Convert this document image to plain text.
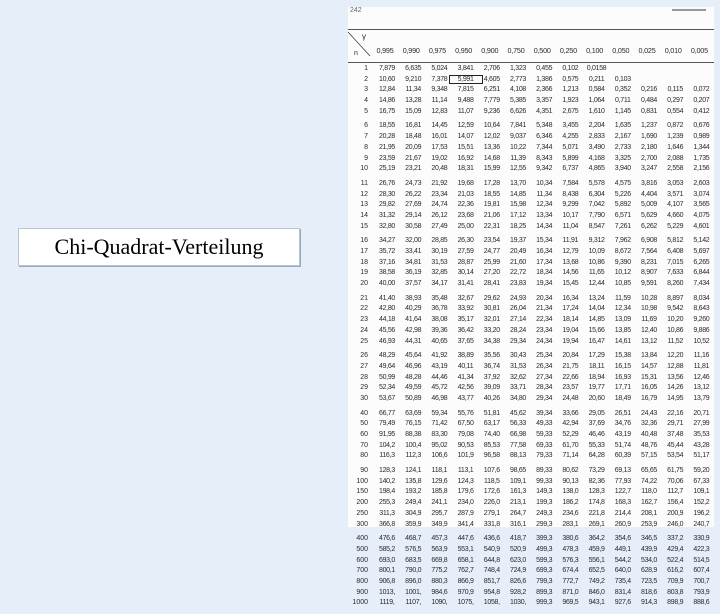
Chi-Quadrat-Verteilung
242
γ
n	0,995	0,990	0,975	0,950	0,900	0,750	0,500	0,250	0,100	0,050	0,025	0,010	0,005
1	7,879	6,635	5,024	3,841	2,706	1,323	0,455	0,102	0,0158
2	10,60	9,210	7,378	5,991	4,605	2,773	1,386	0,575	0,211	0,103
3	12,84	11,34	9,348	7,815	6,251	4,108	2,366	1,213	0,584	0,352	0,216	0,115	0,072
4	14,86	13,28	11,14	9,488	7,779	5,385	3,357	1,923	1,064	0,711	0,484	0,297	0,207
5	16,75	15,09	12,83	11,07	9,236	6,626	4,351	2,675	1,610	1,145	0,831	0,554	0,412
6	18,55	16,81	14,45	12,59	10,64	7,841	5,348	3,455	2,204	1,635	1,237	0,872	0,676
7	20,28	18,48	16,01	14,07	12,02	9,037	6,346	4,255	2,833	2,167	1,690	1,239	0,989
8	21,95	20,09	17,53	15,51	13,36	10,22	7,344	5,071	3,490	2,733	2,180	1,646	1,344
9	23,59	21,67	19,02	16,92	14,68	11,39	8,343	5,899	4,168	3,325	2,700	2,088	1,735
10	25,19	23,21	20,48	18,31	15,99	12,55	9,342	6,737	4,865	3,940	3,247	2,558	2,156
11	26,76	24,73	21,92	19,68	17,28	13,70	10,34	7,584	5,578	4,575	3,816	3,053	2,603
12	28,30	26,22	23,34	21,03	18,55	14,85	11,34	8,438	6,304	5,226	4,404	3,571	3,074
13	29,82	27,69	24,74	22,36	19,81	15,98	12,34	9,299	7,042	5,892	5,009	4,107	3,565
14	31,32	29,14	26,12	23,68	21,06	17,12	13,34	10,17	7,790	6,571	5,629	4,660	4,075
15	32,80	30,58	27,49	25,00	22,31	18,25	14,34	11,04	8,547	7,261	6,262	5,229	4,601
16	34,27	32,00	28,85	26,30	23,54	19,37	15,34	11,91	9,312	7,962	6,908	5,812	5,142
17	35,72	33,41	30,19	27,59	24,77	20,49	16,34	12,79	10,09	8,672	7,564	6,408	5,697
18	37,16	34,81	31,53	28,87	25,99	21,60	17,34	13,68	10,86	9,390	8,231	7,015	6,265
19	38,58	36,19	32,85	30,14	27,20	22,72	18,34	14,56	11,65	10,12	8,907	7,633	6,844
20	40,00	37,57	34,17	31,41	28,41	23,83	19,34	15,45	12,44	10,85	9,591	8,260	7,434
21	41,40	38,93	35,48	32,67	29,62	24,93	20,34	16,34	13,24	11,59	10,28	8,897	8,034
22	42,80	40,29	36,78	33,92	30,81	26,04	21,34	17,24	14,04	12,34	10,98	9,542	8,643
23	44,18	41,64	38,08	35,17	32,01	27,14	22,34	18,14	14,85	13,09	11,69	10,20	9,260
24	45,56	42,98	39,36	36,42	33,20	28,24	23,34	19,04	15,66	13,85	12,40	10,86	9,886
25	46,93	44,31	40,65	37,65	34,38	29,34	24,34	19,94	16,47	14,61	13,12	11,52	10,52
26	48,29	45,64	41,92	38,89	35,56	30,43	25,34	20,84	17,29	15,38	13,84	12,20	11,16
27	49,64	46,96	43,19	40,11	36,74	31,53	26,34	21,75	18,11	16,15	14,57	12,88	11,81
28	50,99	48,28	44,46	41,34	37,92	32,62	27,34	22,66	18,94	16,93	15,31	13,56	12,46
29	52,34	49,59	45,72	42,56	39,09	33,71	28,34	23,57	19,77	17,71	16,05	14,26	13,12
30	53,67	50,89	46,98	43,77	40,26	34,80	29,34	24,48	20,60	18,49	16,79	14,95	13,79
40	66,77	63,69	59,34	55,76	51,81	45,62	39,34	33,66	29,05	26,51	24,43	22,16	20,71
50	79,49	76,15	71,42	67,50	63,17	56,33	49,33	42,94	37,69	34,76	32,36	29,71	27,99
60	91,95	88,38	83,30	79,08	74,40	66,98	59,33	52,29	46,46	43,19	40,48	37,48	35,53
70	104,2	100,4	95,02	90,53	85,53	77,58	69,33	61,70	55,33	51,74	48,76	45,44	43,28
80	116,3	112,3	106,6	101,9	96,58	88,13	79,33	71,14	64,28	60,39	57,15	53,54	51,17
90	128,3	124,1	118,1	113,1	107,6	98,65	89,33	80,62	73,29	69,13	65,65	61,75	59,20
100	140,2	135,8	129,6	124,3	118,5	109,1	99,33	90,13	82,36	77,93	74,22	70,06	67,33
150	198,4	193,2	185,8	179,6	172,6	161,3	149,3	138,0	128,3	122,7	118,0	112,7	109,1
200	255,3	249,4	241,1	234,0	226,0	213,1	199,3	186,2	174,8	168,3	162,7	156,4	152,2
250	311,3	304,9	295,7	287,9	279,1	264,7	249,3	234,6	221,8	214,4	208,1	200,9	196,2
300	366,8	359,9	349,9	341,4	331,8	316,1	299,3	283,1	269,1	260,9	253,9	246,0	240,7
400	476,6	468,7	457,3	447,6	436,6	418,7	399,3	380,6	364,2	354,6	346,5	337,2	330,9
500	585,2	576,5	563,9	553,1	540,9	520,9	499,3	478,3	459,9	449,1	439,9	429,4	422,3
600	693,0	683,5	669,8	658,1	644,8	623,0	599,3	576,3	556,1	544,2	534,0	522,4	514,5
700	800,1	790,0	775,2	762,7	748,4	724,9	699,3	674,4	652,5	640,0	628,9	616,2	607,4
800	906,8	896,0	880,3	866,9	851,7	826,6	799,3	772,7	749,2	735,4	723,5	709,9	700,7
900	1013,	1001,	984,6	970,9	954,8	928,2	899,3	871,0	846,0	831,4	818,6	803,8	793,9
1000	1119,	1107,	1090,	1075,	1058,	1030,	999,3	969,5	943,1	927,6	914,3	898,9	888,6
